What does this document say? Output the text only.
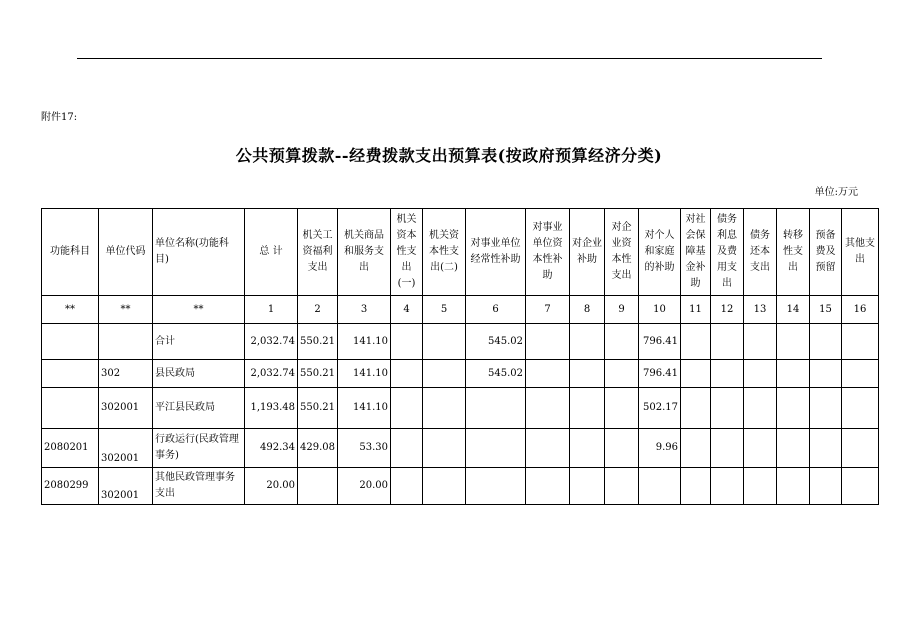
附件17:
公共预算拨款--经费拨款支出预算表(按政府预算经济分类)
单位:万元
功能科目	单位代码	单位名称(功能科目)	总 计	机关工资福利支出	机关商品和服务支出	机关资本性支出(一)	机关资本性支出(二)	对事业单位经常性补助	对事业单位资本性补助	对企业补助	对企业资本性支出	对个人和家庭的补助	对社会保障基金补助	债务利息及费用支出	债务还本支出	转移性支出	预备费及预留	其他支出
**	**	**	1	2	3	4	5	6	7	8	9	10	11	12	13	14	15	16
		合计	2,032.74	550.21	141.10			545.02				796.41						
	302	县民政局	2,032.74	550.21	141.10			545.02				796.41						
	302001	平江县民政局	1,193.48	550.21	141.10							502.17						
2080201	302001	行政运行(民政管理事务)	492.34	429.08	53.30							9.96						
2080299	302001	其他民政管理事务支出	20.00		20.00													
